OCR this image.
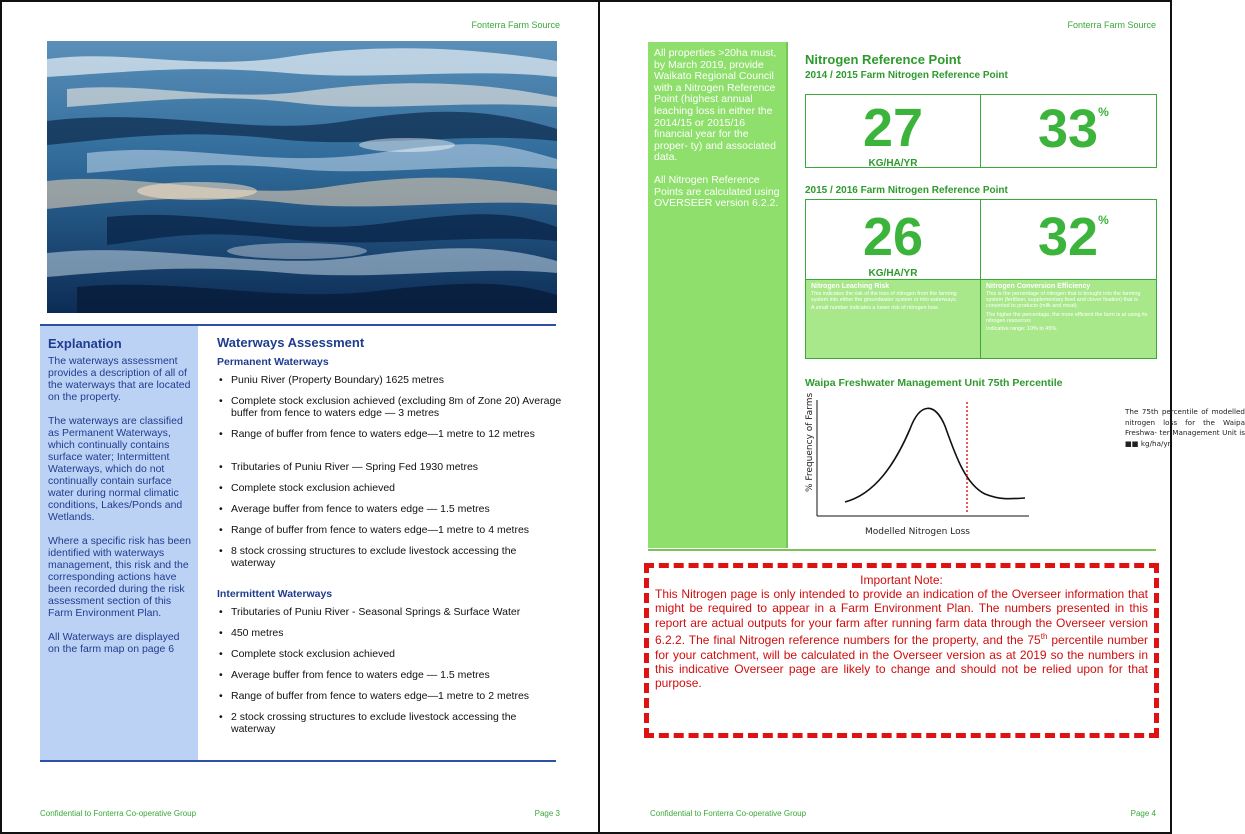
Fonterra Farm Source
Explanation

The waterways assessment provides a description of all of the waterways that are located on the property.

The waterways are classified as Permanent Waterways, which continually contains surface water; Intermittent Waterways, which do not continually contain surface water during normal climatic conditions, Lakes/Ponds and Wetlands.

Where a specific risk has been identified with waterways management, this risk and the corresponding actions have been recorded during the risk assessment section of this Farm Environment Plan.

All Waterways are displayed on the farm map on page 6

Waterways Assessment
Permanent Waterways
• Puniu River (Property Boundary) 1625 metres
• Complete stock exclusion achieved (excluding 8m of Zone 20) Average buffer from fence to waters edge — 3 metres
• Range of buffer from fence to waters edge—1 metre to 12 metres
• Tributaries of Puniu River — Spring Fed 1930 metres
• Complete stock exclusion achieved
• Average buffer from fence to waters edge — 1.5 metres
• Range of buffer from fence to waters edge—1 metre to 4 metres
• 8 stock crossing structures to exclude livestock accessing the waterway
Intermittent Waterways
• Tributaries of Puniu River - Seasonal Springs & Surface Water
• 450 metres
• Complete stock exclusion achieved
• Average buffer from fence to waters edge — 1.5 metres
• Range of buffer from fence to waters edge—1 metre to 2 metres
• 2 stock crossing structures to exclude livestock accessing the waterway
Confidential to Fonterra Co-operative Group	Page 3
Fonterra Farm Source

All properties >20ha must, by March 2019, provide Waikato Regional Council with a Nitrogen Reference Point (highest annual leaching loss in either the 2014/15 or 2015/16 financial year for the proper- ty) and associated data.

All Nitrogen Reference Points are calculated using OVERSEER version 6.2.2.

Nitrogen Reference Point
2014 / 2015 Farm Nitrogen Reference Point
27
KG/HA/YR
33%
2015 / 2016 Farm Nitrogen Reference Point
26
KG/HA/YR
32%
Nitrogen Leaching Risk
This indicates the risk of the loss of nitrogen from the farming system into either the groundwater system or into waterways.
A small number indicates a lower risk of nitrogen loss.
Nitrogen Conversion Efficiency
This is the percentage of nitrogen that is brought into the farming system (fertiliser, supplementary feed and clover fixation) that is converted to products (milk and meat).
The higher the percentage, the more efficient the farm is at using its nitrogen resources
Indicative range: 10% to 45%.
Waipa Freshwater Management Unit 75th Percentile
% Frequency of Farms
Modelled Nitrogen Loss
The 75th percentile of modelled nitrogen loss for the Waipa Freshwa- ter Management Unit is ■■ kg/ha/yr
Important Note:
This Nitrogen page is only intended to provide an indication of the Overseer information that might be required to appear in a Farm Environment Plan. The numbers presented in this report are actual outputs for your farm after running farm data through the Overseer version 6.2.2. The final Nitrogen reference numbers for the property, and the 75th percentile number for your catchment, will be calculated in the Overseer version as at 2019 so the numbers in this indicative Overseer page are likely to change and should not be relied upon for that purpose.
Confidential to Fonterra Co-operative Group	Page 4
